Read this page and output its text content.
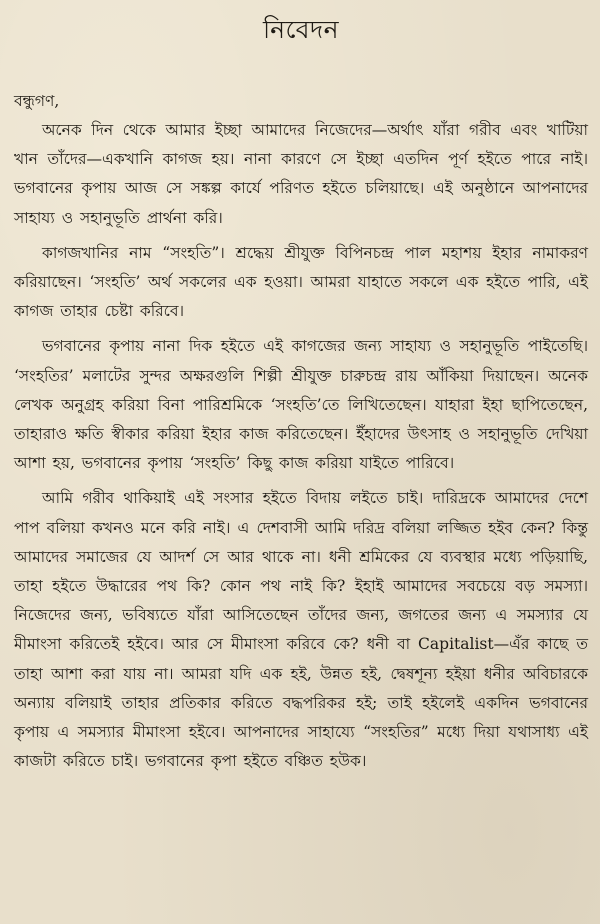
নিবেদন
বন্ধুগণ,

অনেক দিন থেকে আমার ইচ্ছা আমাদের নিজেদের—অর্থাৎ যাঁরা গরীব এবং খাটিয়া খান তাঁদের—একখানি কাগজ হয়। নানা কারণে সে ইচ্ছা এতদিন পূর্ণ হইতে পারে নাই। ভগবানের কৃপায় আজ সে সঙ্কল্প কার্যে পরিণত হইতে চলিয়াছে। এই অনুষ্ঠানে আপনাদের সাহায্য ও সহানুভূতি প্রার্থনা করি।

কাগজখানির নাম “সংহতি”। শ্রদ্ধেয় শ্রীযুক্ত বিপিনচন্দ্র পাল মহাশয় ইহার নামাকরণ করিয়াছেন। ‘সংহতি’ অর্থ সকলের এক হওয়া। আমরা যাহাতে সকলে এক হইতে পারি, এই কাগজ তাহার চেষ্টা করিবে।

ভগবানের কৃপায় নানা দিক হইতে এই কাগজের জন্য সাহায্য ও সহানুভূতি পাইতেছি। ‘সংহতির’ মলাটের সুন্দর অক্ষরগুলি শিল্পী শ্রীযুক্ত চারুচন্দ্র রায় আঁকিয়া দিয়াছেন। অনেক লেখক অনুগ্রহ করিয়া বিনা পারিশ্রমিকে ‘সংহতি’তে লিখিতেছেন। যাহারা ইহা ছাপিতেছেন, তাহারাও ক্ষতি স্বীকার করিয়া ইহার কাজ করিতেছেন। ইঁহাদের উৎসাহ ও সহানুভূতি দেখিয়া আশা হয়, ভগবানের কৃপায় ‘সংহতি’ কিছু কাজ করিয়া যাইতে পারিবে।

আমি গরীব থাকিয়াই এই সংসার হইতে বিদায় লইতে চাই। দারিদ্রকে আমাদের দেশে পাপ বলিয়া কখনও মনে করি নাই। এ দেশবাসী আমি দরিদ্র বলিয়া লজ্জিত হইব কেন? কিন্তু আমাদের সমাজের যে আদর্শ সে আর থাকে না। ধনী শ্রমিকের যে ব্যবস্থার মধ্যে পড়িয়াছি, তাহা হইতে উদ্ধারের পথ কি? কোন পথ নাই কি? ইহাই আমাদের সবচেয়ে বড় সমস্যা। নিজেদের জন্য, ভবিষ্যতে যাঁরা আসিতেছেন তাঁদের জন্য, জগতের জন্য এ সমস্যার যে মীমাংসা করিতেই হইবে। আর সে মীমাংসা করিবে কে? ধনী বা Capitalist—এঁর কাছে ত তাহা আশা করা যায় না। আমরা যদি এক হই, উন্নত হই, দ্বেষশূন্য হইয়া ধনীর অবিচারকে অন্যায় বলিয়াই তাহার প্রতিকার করিতে বদ্ধপরিকর হই; তাই হইলেই একদিন ভগবানের কৃপায় এ সমস্যার মীমাংসা হইবে। আপনাদের সাহায্যে “সংহতির” মধ্যে দিয়া যথাসাধ্য এই কাজটা করিতে চাই। ভগবানের কৃপা হইতে বঞ্চিত হউক।
